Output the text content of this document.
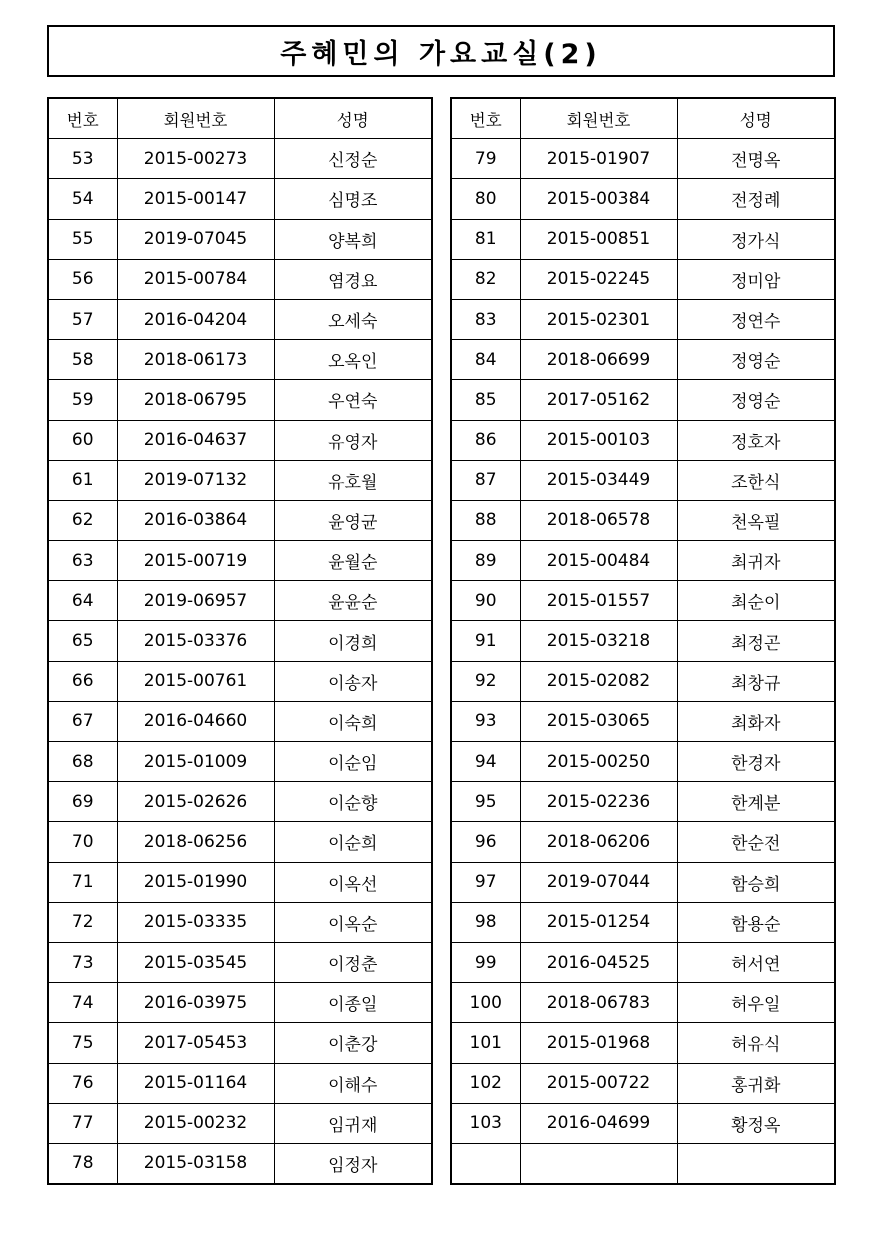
주혜민의 가요교실(2)
번호	회원번호	성명
53	2015-00273	신정순
54	2015-00147	심명조
55	2019-07045	양복희
56	2015-00784	염경요
57	2016-04204	오세숙
58	2018-06173	오옥인
59	2018-06795	우연숙
60	2016-04637	유영자
61	2019-07132	유호월
62	2016-03864	윤영균
63	2015-00719	윤월순
64	2019-06957	윤윤순
65	2015-03376	이경희
66	2015-00761	이송자
67	2016-04660	이숙희
68	2015-01009	이순임
69	2015-02626	이순향
70	2018-06256	이순희
71	2015-01990	이옥선
72	2015-03335	이옥순
73	2015-03545	이정춘
74	2016-03975	이종일
75	2017-05453	이춘강
76	2015-01164	이해수
77	2015-00232	임귀재
78	2015-03158	임정자
번호	회원번호	성명
79	2015-01907	전명옥
80	2015-00384	전정례
81	2015-00851	정가식
82	2015-02245	정미암
83	2015-02301	정연수
84	2018-06699	정영순
85	2017-05162	정영순
86	2015-00103	정호자
87	2015-03449	조한식
88	2018-06578	천옥필
89	2015-00484	최귀자
90	2015-01557	최순이
91	2015-03218	최정곤
92	2015-02082	최창규
93	2015-03065	최화자
94	2015-00250	한경자
95	2015-02236	한계분
96	2018-06206	한순전
97	2019-07044	함승희
98	2015-01254	함용순
99	2016-04525	허서연
100	2018-06783	허우일
101	2015-01968	허유식
102	2015-00722	홍귀화
103	2016-04699	황정옥
